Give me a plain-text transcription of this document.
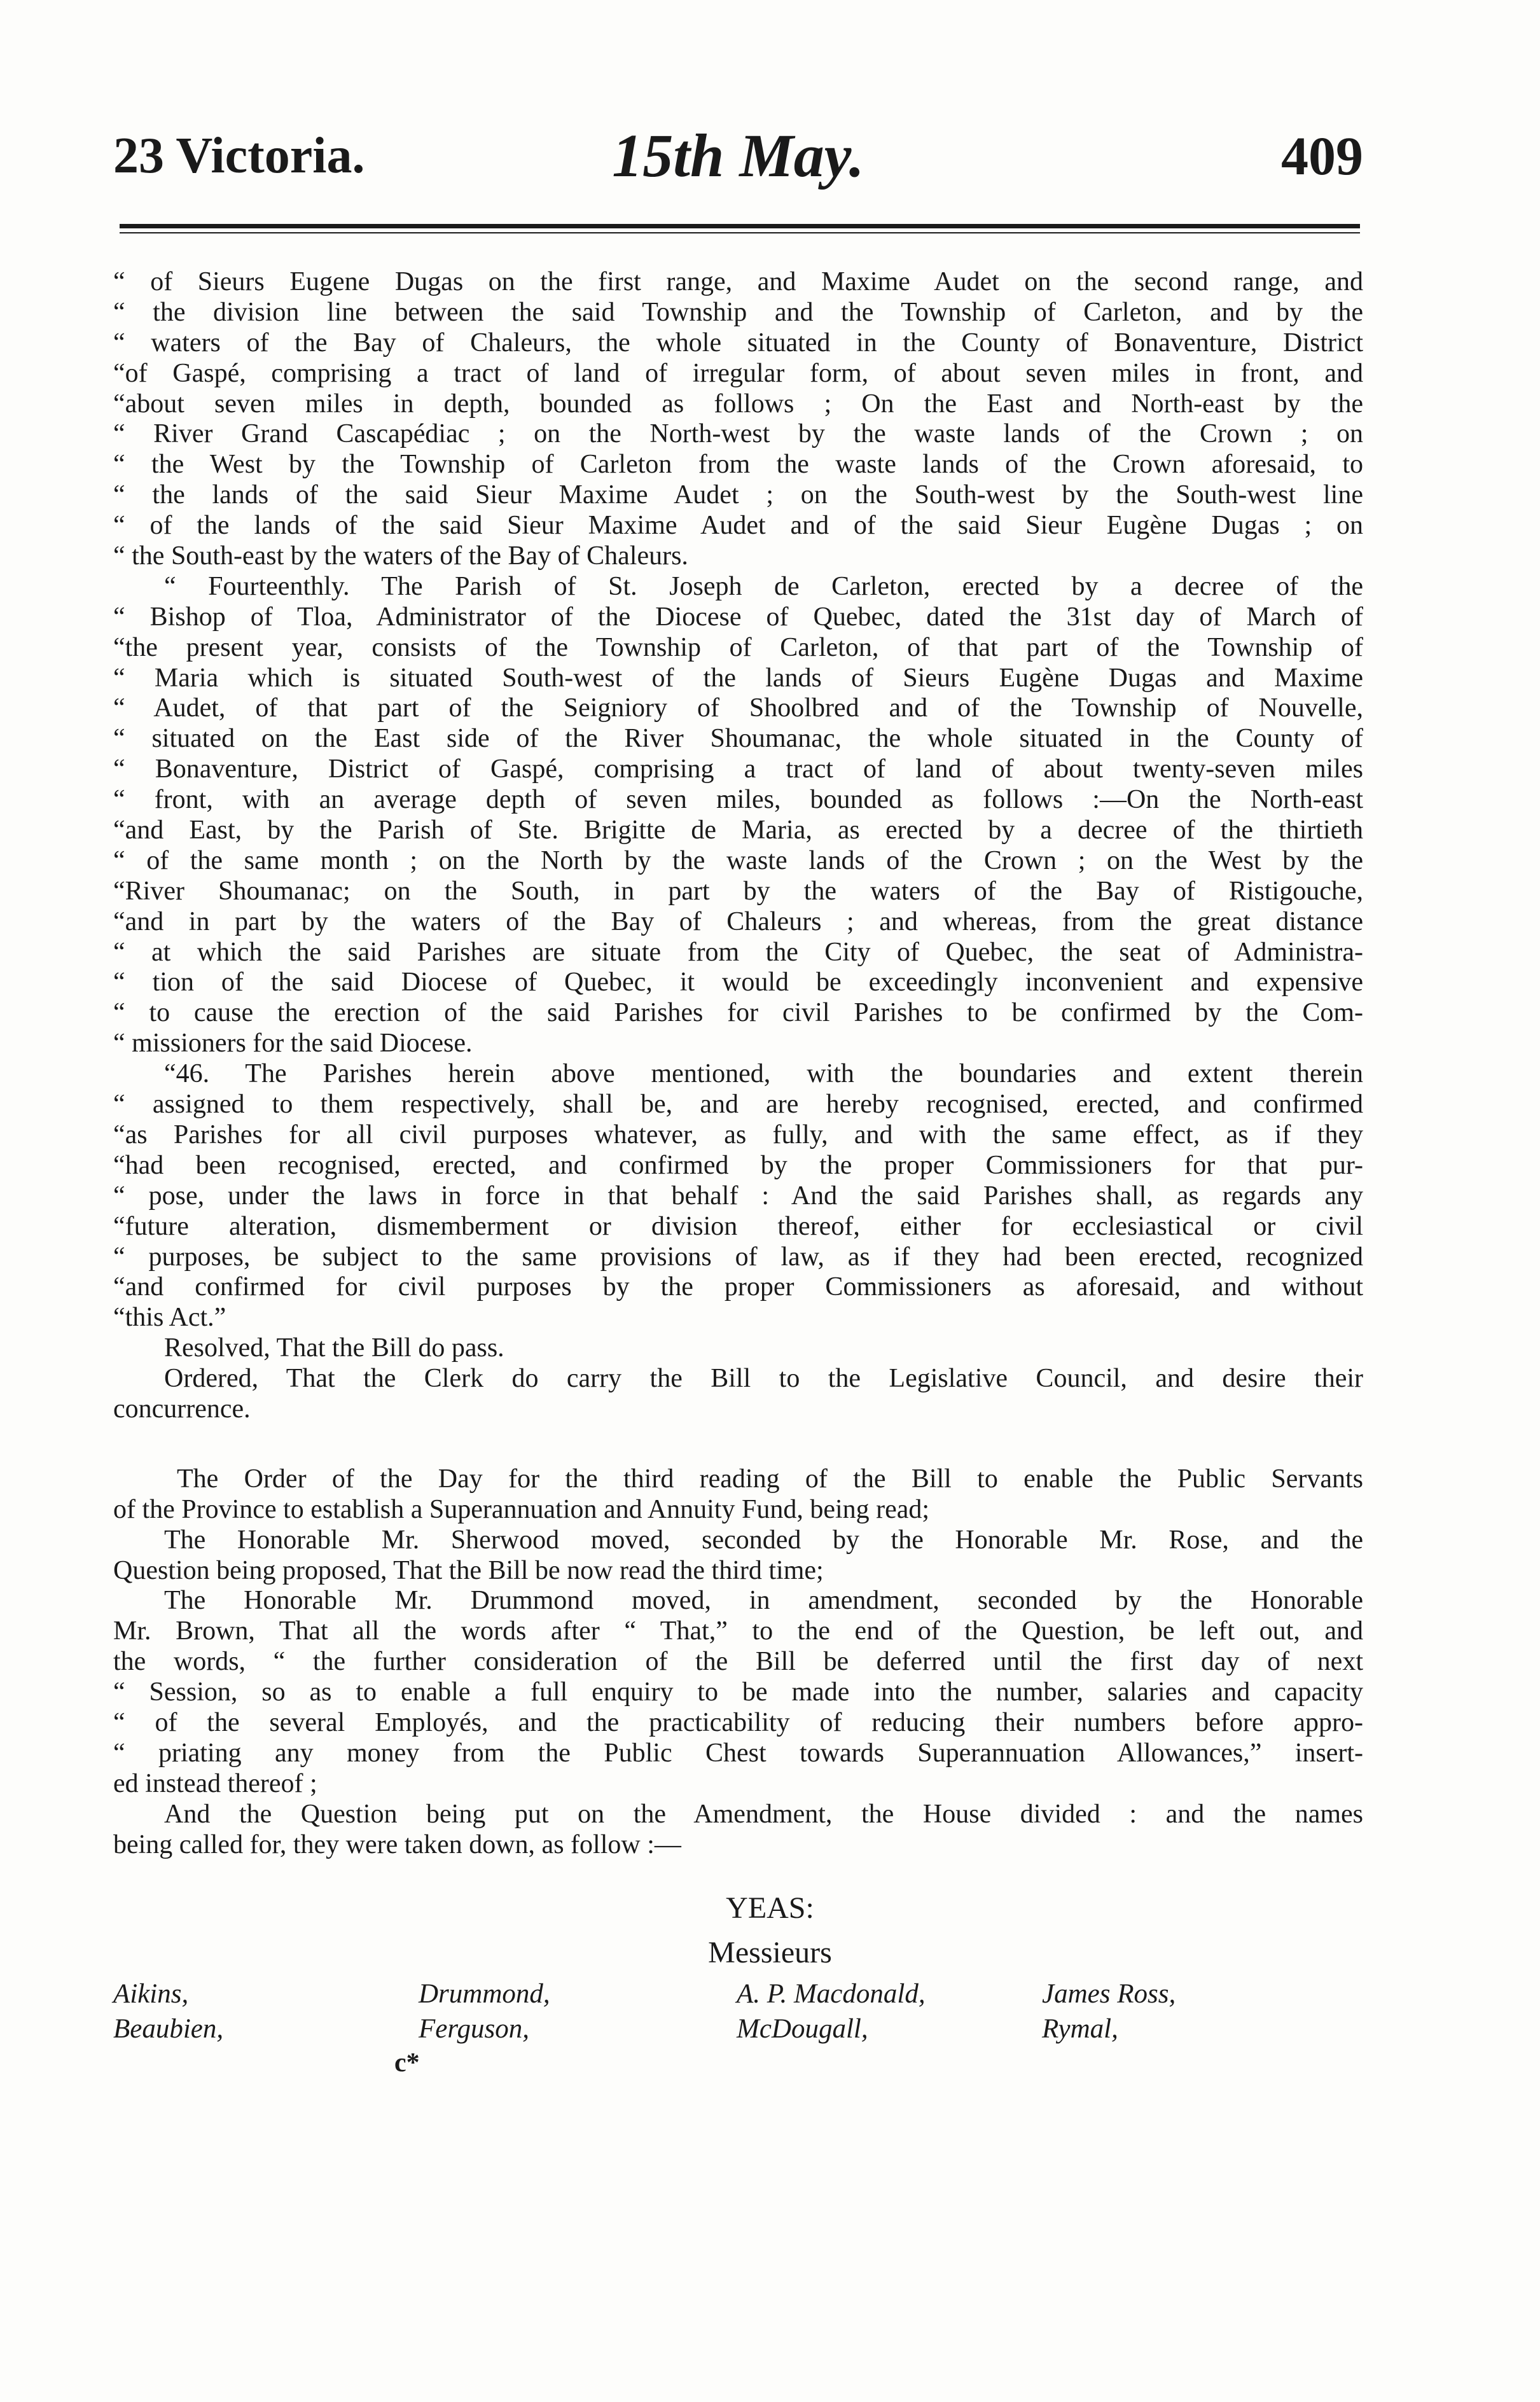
23 Victoria.	15th May.	409
“ of Sieurs Eugene Dugas on the first range, and Maxime Audet on the second range, and
“ the division line between the said Township and the Township of Carleton, and by the
“ waters of the Bay of Chaleurs, the whole situated in the County of Bonaventure, District
“of Gaspé, comprising a tract of land of irregular form, of about seven miles in front, and
“about seven miles in depth, bounded as follows ; On the East and North-east by the
“ River Grand Cascapédiac ; on the North-west by the waste lands of the Crown ; on
“ the West by the Township of Carleton from the waste lands of the Crown aforesaid, to
“ the lands of the said Sieur Maxime Audet ; on the South-west by the South-west line
“ of the lands of the said Sieur Maxime Audet and of the said Sieur Eugène Dugas ; on
“ the South-east by the waters of the Bay of Chaleurs.
“ Fourteenthly. The Parish of St. Joseph de Carleton, erected by a decree of the
“ Bishop of Tloa, Administrator of the Diocese of Quebec, dated the 31st day of March of
“the present year, consists of the Township of Carleton, of that part of the Township of
“ Maria which is situated South-west of the lands of Sieurs Eugène Dugas and Maxime
“ Audet, of that part of the Seigniory of Shoolbred and of the Township of Nouvelle,
“ situated on the East side of the River Shoumanac, the whole situated in the County of
“ Bonaventure, District of Gaspé, comprising a tract of land of about twenty-seven miles
“ front, with an average depth of seven miles, bounded as follows :—On the North-east
“and East, by the Parish of Ste. Brigitte de Maria, as erected by a decree of the thirtieth
“ of the same month ; on the North by the waste lands of the Crown ; on the West by the
“River Shoumanac; on the South, in part by the waters of the Bay of Ristigouche,
“and in part by the waters of the Bay of Chaleurs ; and whereas, from the great distance
“ at which the said Parishes are situate from the City of Quebec, the seat of Administra-
“ tion of the said Diocese of Quebec, it would be exceedingly inconvenient and expensive
“ to cause the erection of the said Parishes for civil Parishes to be confirmed by the Com-
“ missioners for the said Diocese.
“46. The Parishes herein above mentioned, with the boundaries and extent therein
“ assigned to them respectively, shall be, and are hereby recognised, erected, and confirmed
“as Parishes for all civil purposes whatever, as fully, and with the same effect, as if they
“had been recognised, erected, and confirmed by the proper Commissioners for that pur-
“ pose, under the laws in force in that behalf : And the said Parishes shall, as regards any
“future alteration, dismemberment or division thereof, either for ecclesiastical or civil
“ purposes, be subject to the same provisions of law, as if they had been erected, recognized
“and confirmed for civil purposes by the proper Commissioners as aforesaid, and without
“this Act.”
Resolved, That the Bill do pass.
Ordered, That the Clerk do carry the Bill to the Legislative Council, and desire their
concurrence.
The Order of the Day for the third reading of the Bill to enable the Public Servants
of the Province to establish a Superannuation and Annuity Fund, being read;
The Honorable Mr. Sherwood moved, seconded by the Honorable Mr. Rose, and the
Question being proposed, That the Bill be now read the third time;
The Honorable Mr. Drummond moved, in amendment, seconded by the Honorable
Mr. Brown, That all the words after “ That,” to the end of the Question, be left out, and
the words, “ the further consideration of the Bill be deferred until the first day of next
“ Session, so as to enable a full enquiry to be made into the number, salaries and capacity
“ of the several Employés, and the practicability of reducing their numbers before appro-
“ priating any money from the Public Chest towards Superannuation Allowances,” insert-
ed instead thereof ;
And the Question being put on the Amendment, the House divided : and the names
being called for, they were taken down, as follow :—
YEAS:
Messieurs
Aikins,	Drummond,	A. P. Macdonald,	James Ross,
Beaubien,	Ferguson,	McDougall,	Rymal,
c*
